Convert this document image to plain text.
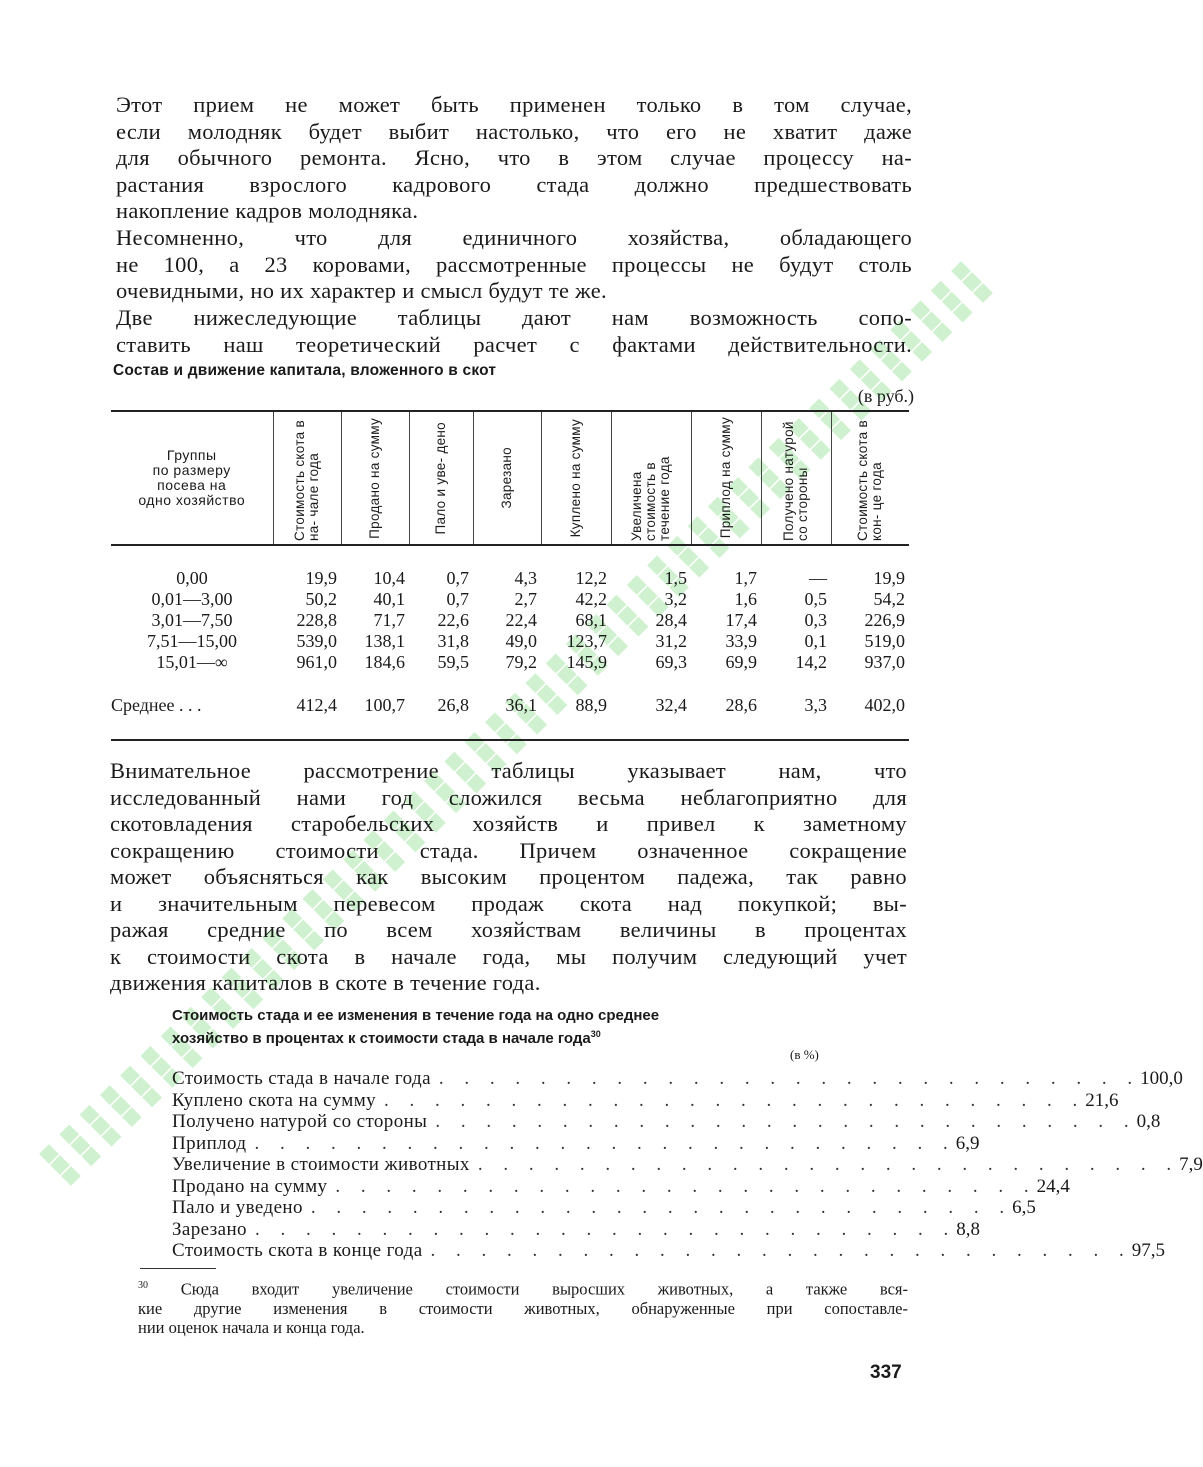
Этот прием не может быть применен только в том случае,
если молодняк будет выбит настолько, что его не хватит даже
для обычного ремонта. Ясно, что в этом случае процессу на-
растания взрослого кадрового стада должно предшествовать
накопление кадров молодняка.
Несомненно, что для единичного хозяйства, обладающего
не 100, а 23 коровами, рассмотренные процессы не будут столь
очевидными, но их характер и смысл будут те же.
Две нижеследующие таблицы дают нам возможность сопо-
ставить наш теоретический расчет с фактами действительности.
Состав и движение капитала, вложенного в скот
(в руб.)
Группы
по размеру
посева на
одно хозяйство	Стоимость скота в на- чале года	Продано на сумму	Пало и уве- дено	Зарезано	Куплено на сумму	Увеличена стоимость в течение года	Приплод на сумму	Получено натурой со стороны	Стоимость скота в кон- це года

0,00	19,9	10,4	0,7	4,3	12,2	1,5	1,7	—	19,9
0,01—3,00	50,2	40,1	0,7	2,7	42,2	3,2	1,6	0,5	54,2
3,01—7,50	228,8	71,7	22,6	22,4	68,1	28,4	17,4	0,3	226,9
7,51—15,00	539,0	138,1	31,8	49,0	123,7	31,2	33,9	0,1	519,0
15,01—∞	961,0	184,6	59,5	79,2	145,9	69,3	69,9	14,2	937,0

Среднее . . .	412,4	100,7	26,8	36,1	88,9	32,4	28,6	3,3	402,0

Внимательное рассмотрение таблицы указывает нам, что
исследованный нами год сложился весьма неблагоприятно для
скотовладения старобельских хозяйств и привел к заметному
сокращению стоимости стада. Причем означенное сокращение
может объясняться как высоким процентом падежа, так равно
и значительным перевесом продаж скота над покупкой; вы-
ражая средние по всем хозяйствам величины в процентах
к стоимости скота в начале года, мы получим следующий учет
движения капиталов в скоте в течение года.
Стоимость стада и ее изменения в течение года на одно среднее
хозяйство в процентах к стоимости стада в начале года$^{30}$
(в %)
Стоимость стада в начале года . . . . . . . . . . . . . . . . . . . . . . . . . . . . 100,0
Куплено скота на сумму . . . . . . . . . . . . . . . . . . . . . . . . . . . . 21,6
Получено натурой со стороны . . . . . . . . . . . . . . . . . . . . . . . . . . . . 0,8
Приплод . . . . . . . . . . . . . . . . . . . . . . . . . . . . 6,9
Увеличение в стоимости животных . . . . . . . . . . . . . . . . . . . . . . . . . . . . 7,9
Продано на сумму . . . . . . . . . . . . . . . . . . . . . . . . . . . . 24,4
Пало и уведено . . . . . . . . . . . . . . . . . . . . . . . . . . . . 6,5
Зарезано . . . . . . . . . . . . . . . . . . . . . . . . . . . . 8,8
Стоимость скота в конце года . . . . . . . . . . . . . . . . . . . . . . . . . . . . 97,5
$^{30}$ Сюда входит увеличение стоимости выросших животных, а также вся-
кие другие изменения в стоимости животных, обнаруженные при сопоставле-
нии оценок начала и конца года.
337
